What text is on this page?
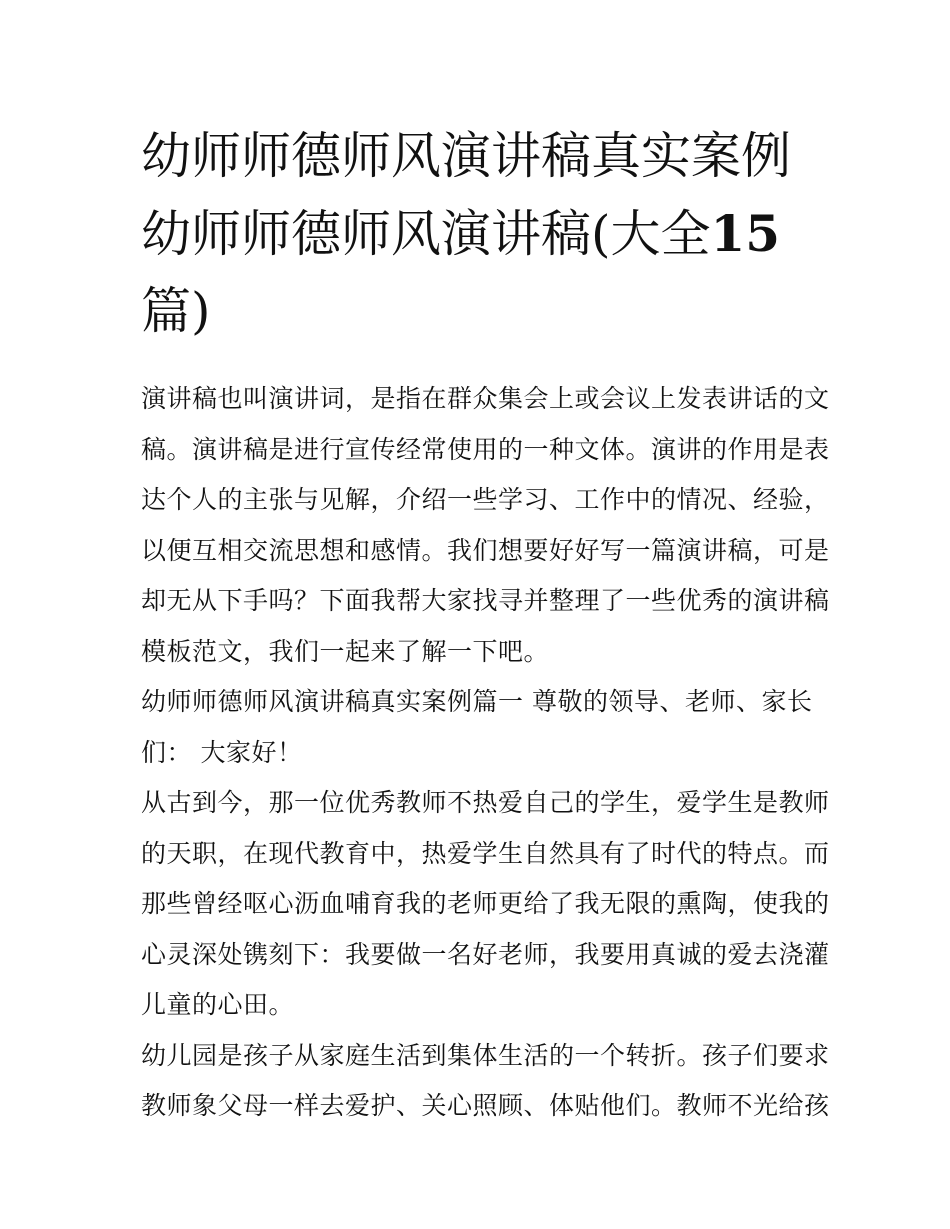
幼师师德师风演讲稿真实案例
幼师师德师风演讲稿(大全15
篇)

演讲稿也叫演讲词，是指在群众集会上或会议上发表讲话的文
稿。演讲稿是进行宣传经常使用的一种文体。演讲的作用是表
达个人的主张与见解，介绍一些学习、工作中的情况、经验，
以便互相交流思想和感情。我们想要好好写一篇演讲稿，可是
却无从下手吗？下面我帮大家找寻并整理了一些优秀的演讲稿
模板范文，我们一起来了解一下吧。

幼师师德师风演讲稿真实案例篇一 尊敬的领导、老师、家长
们： 大家好！

从古到今，那一位优秀教师不热爱自己的学生，爱学生是教师
的天职，在现代教育中，热爱学生自然具有了时代的特点。而
那些曾经呕心沥血哺育我的老师更给了我无限的熏陶，使我的
心灵深处镌刻下：我要做一名好老师，我要用真诚的爱去浇灌
儿童的心田。

幼儿园是孩子从家庭生活到集体生活的一个转折。孩子们要求
教师象父母一样去爱护、关心照顾、体贴他们。教师不光给孩
